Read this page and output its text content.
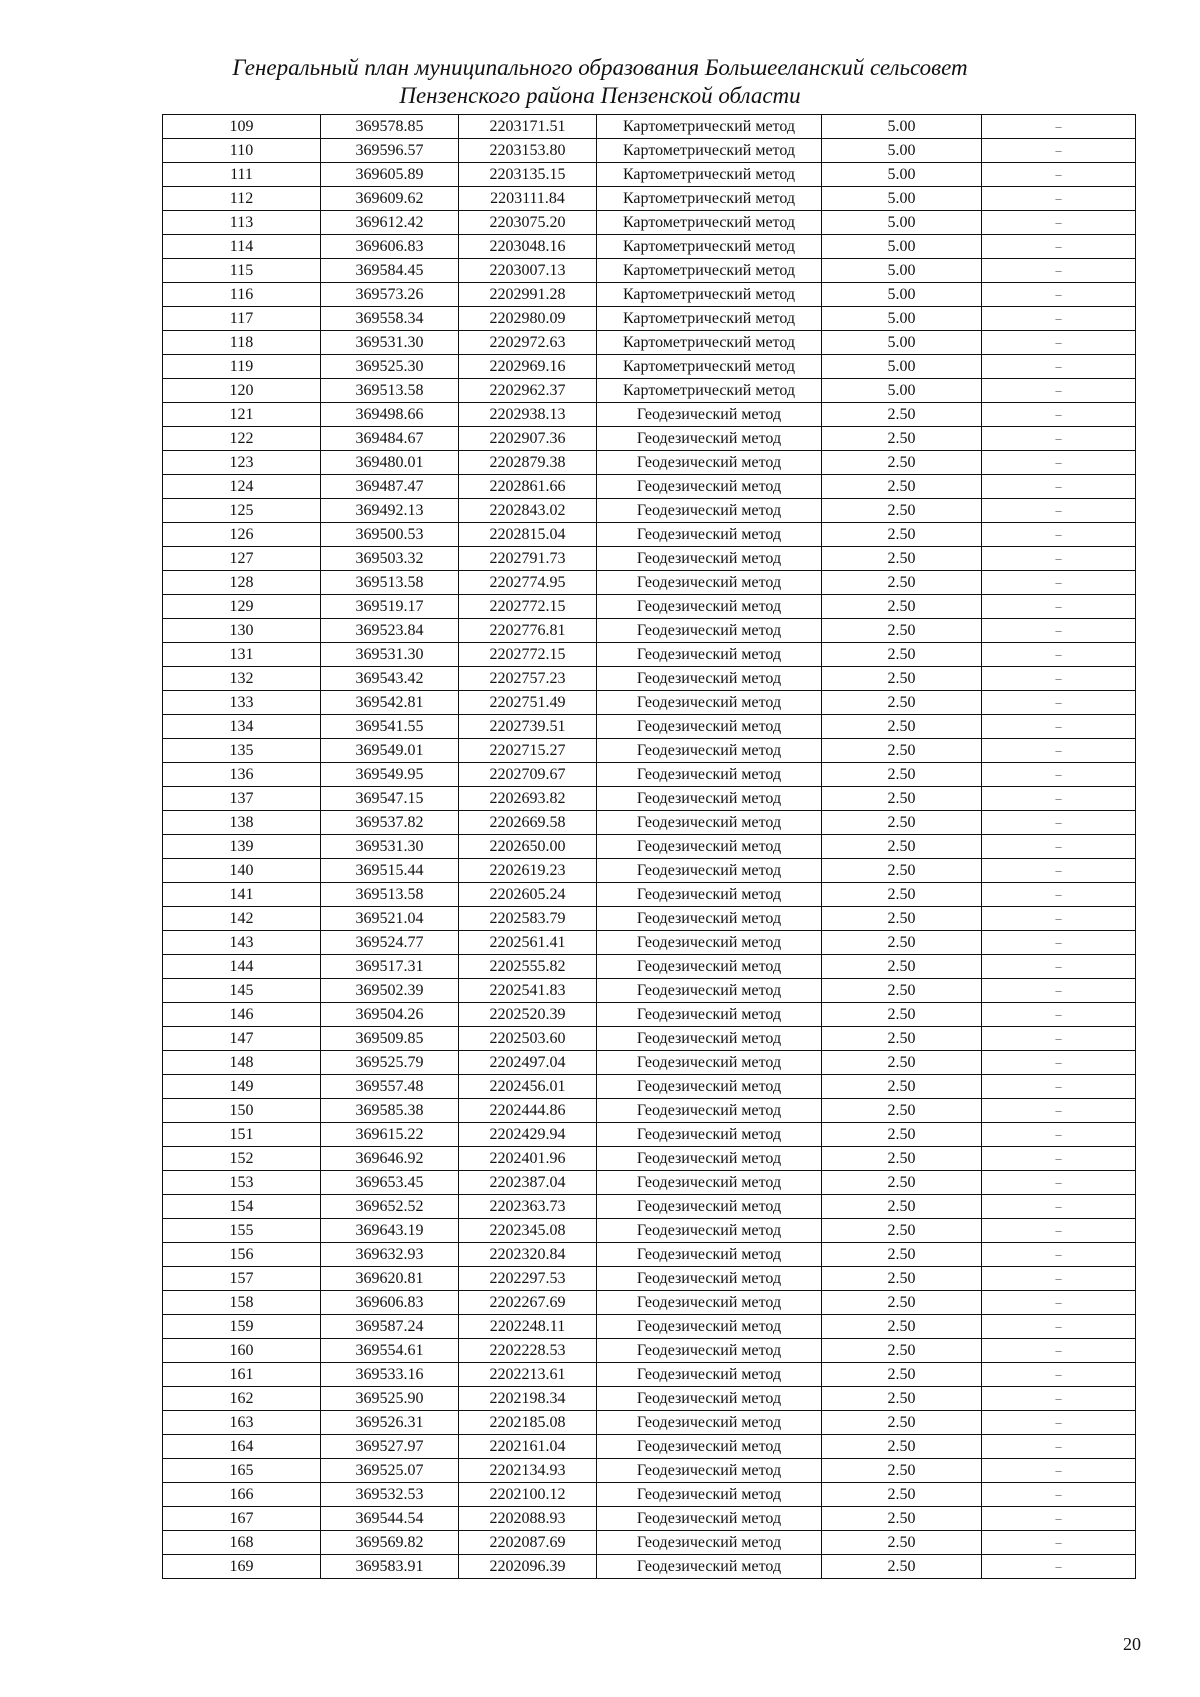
Генеральный план муниципального образования Большееланский сельсовет
Пензенского района Пензенской области
109	369578.85	2203171.51	Картометрический метод	5.00	–
110	369596.57	2203153.80	Картометрический метод	5.00	–
111	369605.89	2203135.15	Картометрический метод	5.00	–
112	369609.62	2203111.84	Картометрический метод	5.00	–
113	369612.42	2203075.20	Картометрический метод	5.00	–
114	369606.83	2203048.16	Картометрический метод	5.00	–
115	369584.45	2203007.13	Картометрический метод	5.00	–
116	369573.26	2202991.28	Картометрический метод	5.00	–
117	369558.34	2202980.09	Картометрический метод	5.00	–
118	369531.30	2202972.63	Картометрический метод	5.00	–
119	369525.30	2202969.16	Картометрический метод	5.00	–
120	369513.58	2202962.37	Картометрический метод	5.00	–
121	369498.66	2202938.13	Геодезический метод	2.50	–
122	369484.67	2202907.36	Геодезический метод	2.50	–
123	369480.01	2202879.38	Геодезический метод	2.50	–
124	369487.47	2202861.66	Геодезический метод	2.50	–
125	369492.13	2202843.02	Геодезический метод	2.50	–
126	369500.53	2202815.04	Геодезический метод	2.50	–
127	369503.32	2202791.73	Геодезический метод	2.50	–
128	369513.58	2202774.95	Геодезический метод	2.50	–
129	369519.17	2202772.15	Геодезический метод	2.50	–
130	369523.84	2202776.81	Геодезический метод	2.50	–
131	369531.30	2202772.15	Геодезический метод	2.50	–
132	369543.42	2202757.23	Геодезический метод	2.50	–
133	369542.81	2202751.49	Геодезический метод	2.50	–
134	369541.55	2202739.51	Геодезический метод	2.50	–
135	369549.01	2202715.27	Геодезический метод	2.50	–
136	369549.95	2202709.67	Геодезический метод	2.50	–
137	369547.15	2202693.82	Геодезический метод	2.50	–
138	369537.82	2202669.58	Геодезический метод	2.50	–
139	369531.30	2202650.00	Геодезический метод	2.50	–
140	369515.44	2202619.23	Геодезический метод	2.50	–
141	369513.58	2202605.24	Геодезический метод	2.50	–
142	369521.04	2202583.79	Геодезический метод	2.50	–
143	369524.77	2202561.41	Геодезический метод	2.50	–
144	369517.31	2202555.82	Геодезический метод	2.50	–
145	369502.39	2202541.83	Геодезический метод	2.50	–
146	369504.26	2202520.39	Геодезический метод	2.50	–
147	369509.85	2202503.60	Геодезический метод	2.50	–
148	369525.79	2202497.04	Геодезический метод	2.50	–
149	369557.48	2202456.01	Геодезический метод	2.50	–
150	369585.38	2202444.86	Геодезический метод	2.50	–
151	369615.22	2202429.94	Геодезический метод	2.50	–
152	369646.92	2202401.96	Геодезический метод	2.50	–
153	369653.45	2202387.04	Геодезический метод	2.50	–
154	369652.52	2202363.73	Геодезический метод	2.50	–
155	369643.19	2202345.08	Геодезический метод	2.50	–
156	369632.93	2202320.84	Геодезический метод	2.50	–
157	369620.81	2202297.53	Геодезический метод	2.50	–
158	369606.83	2202267.69	Геодезический метод	2.50	–
159	369587.24	2202248.11	Геодезический метод	2.50	–
160	369554.61	2202228.53	Геодезический метод	2.50	–
161	369533.16	2202213.61	Геодезический метод	2.50	–
162	369525.90	2202198.34	Геодезический метод	2.50	–
163	369526.31	2202185.08	Геодезический метод	2.50	–
164	369527.97	2202161.04	Геодезический метод	2.50	–
165	369525.07	2202134.93	Геодезический метод	2.50	–
166	369532.53	2202100.12	Геодезический метод	2.50	–
167	369544.54	2202088.93	Геодезический метод	2.50	–
168	369569.82	2202087.69	Геодезический метод	2.50	–
169	369583.91	2202096.39	Геодезический метод	2.50	–
20
